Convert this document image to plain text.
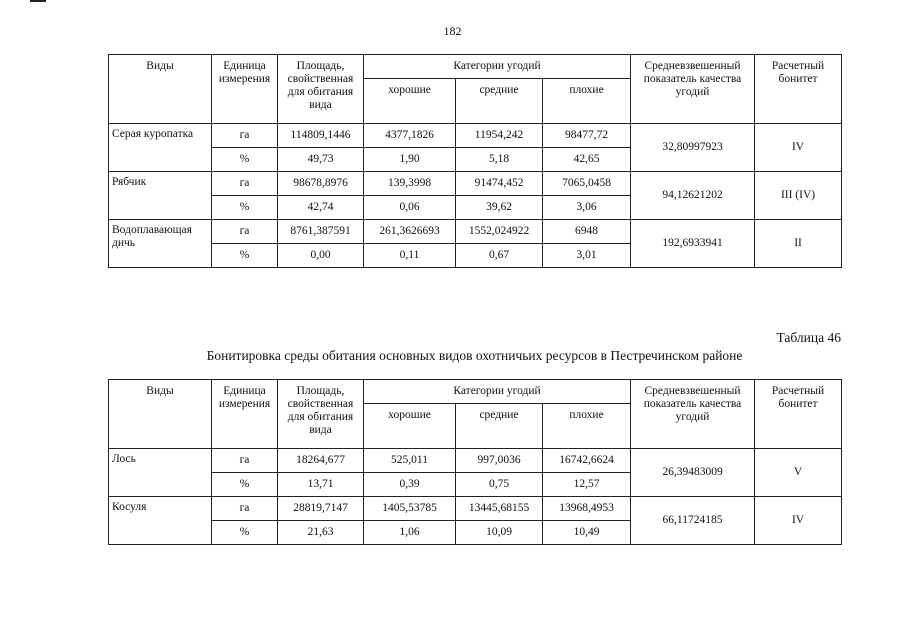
182
Виды	Единица измерения	Площадь, свойственная для обитания вида	Категории угодий			Средневзвешенный показатель качества угодий	Расчетный бонитет
			хорошие	средние	плохие		
Серая куропатка	га	114809,1446	4377,1826	11954,242	98477,72	32,80997923	IV
	%	49,73	1,90	5,18	42,65		
Рябчик	га	98678,8976	139,3998	91474,452	7065,0458	94,12621202	III (IV)
	%	42,74	0,06	39,62	3,06		
Водоплавающая дичь	га	8761,387591	261,3626693	1552,024922	6948	192,6933941	II
	%	0,00	0,11	0,67	3,01		
Таблица 46
Бонитировка среды обитания основных видов охотничьих ресурсов в Пестречинском районе
Виды	Единица измерения	Площадь, свойственная для обитания вида	Категории угодий			Средневзвешенный показатель качества угодий	Расчетный бонитет
			хорошие	средние	плохие		
Лось	га	18264,677	525,011	997,0036	16742,6624	26,39483009	V
	%	13,71	0,39	0,75	12,57		
Косуля	га	28819,7147	1405,53785	13445,68155	13968,4953	66,11724185	IV
	%	21,63	1,06	10,09	10,49		
